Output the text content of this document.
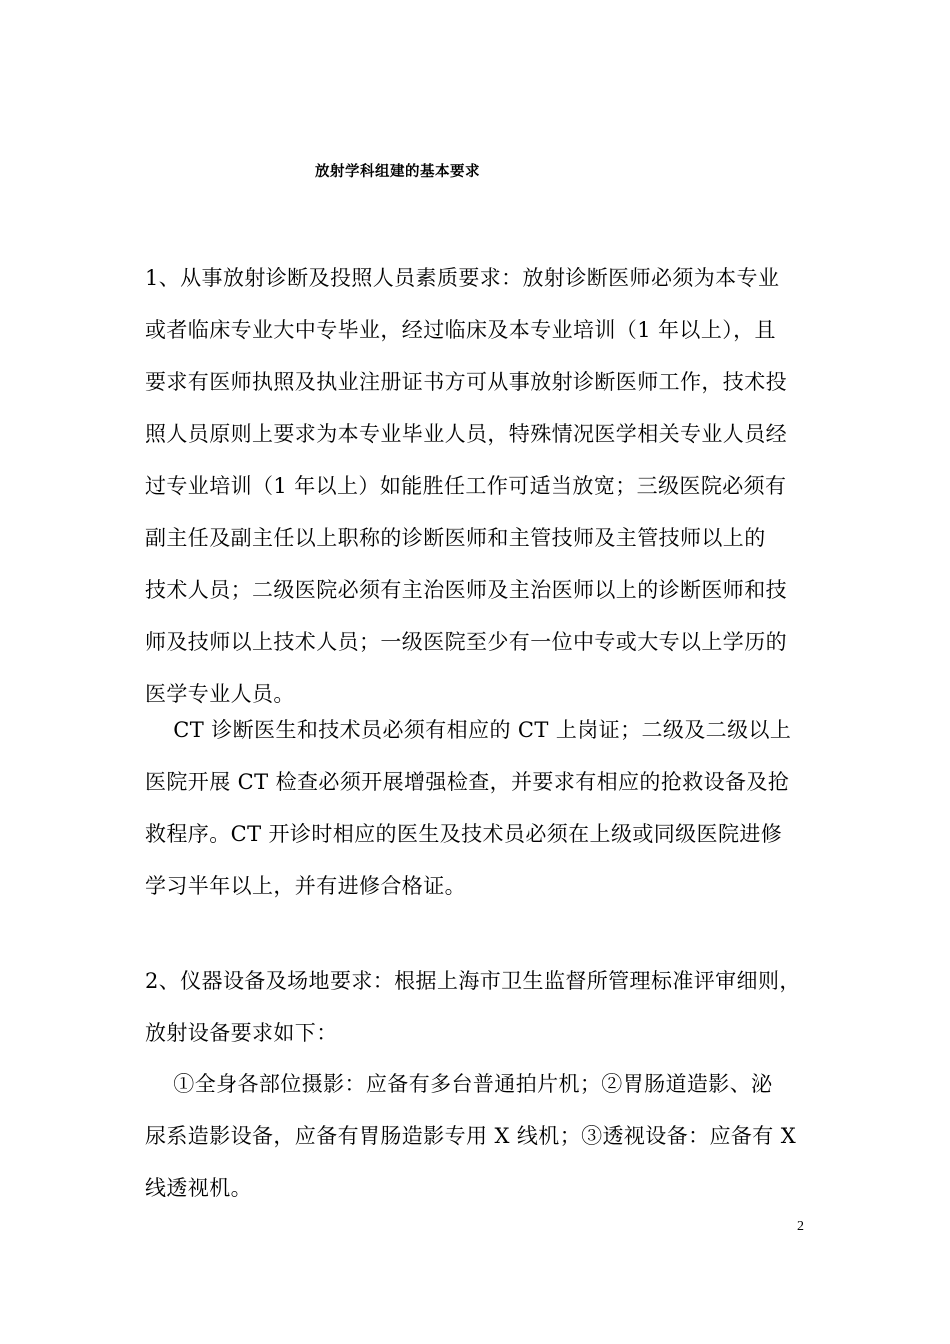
放射学科组建的基本要求
1、从事放射诊断及投照人员素质要求：放射诊断医师必须为本专业
或者临床专业大中专毕业，经过临床及本专业培训（1 年以上），且
要求有医师执照及执业注册证书方可从事放射诊断医师工作，技术投
照人员原则上要求为本专业毕业人员，特殊情况医学相关专业人员经
过专业培训（1 年以上）如能胜任工作可适当放宽；三级医院必须有
副主任及副主任以上职称的诊断医师和主管技师及主管技师以上的
技术人员；二级医院必须有主治医师及主治医师以上的诊断医师和技
师及技师以上技术人员；一级医院至少有一位中专或大专以上学历的
医学专业人员。
CT 诊断医生和技术员必须有相应的 CT 上岗证；二级及二级以上
医院开展 CT 检查必须开展增强检查，并要求有相应的抢救设备及抢
救程序。CT 开诊时相应的医生及技术员必须在上级或同级医院进修
学习半年以上，并有进修合格证。
2、仪器设备及场地要求：根据上海市卫生监督所管理标准评审细则，
放射设备要求如下：
①全身各部位摄影：应备有多台普通拍片机；②胃肠道造影、泌
尿系造影设备，应备有胃肠造影专用 X 线机；③透视设备：应备有 X
线透视机。
2
